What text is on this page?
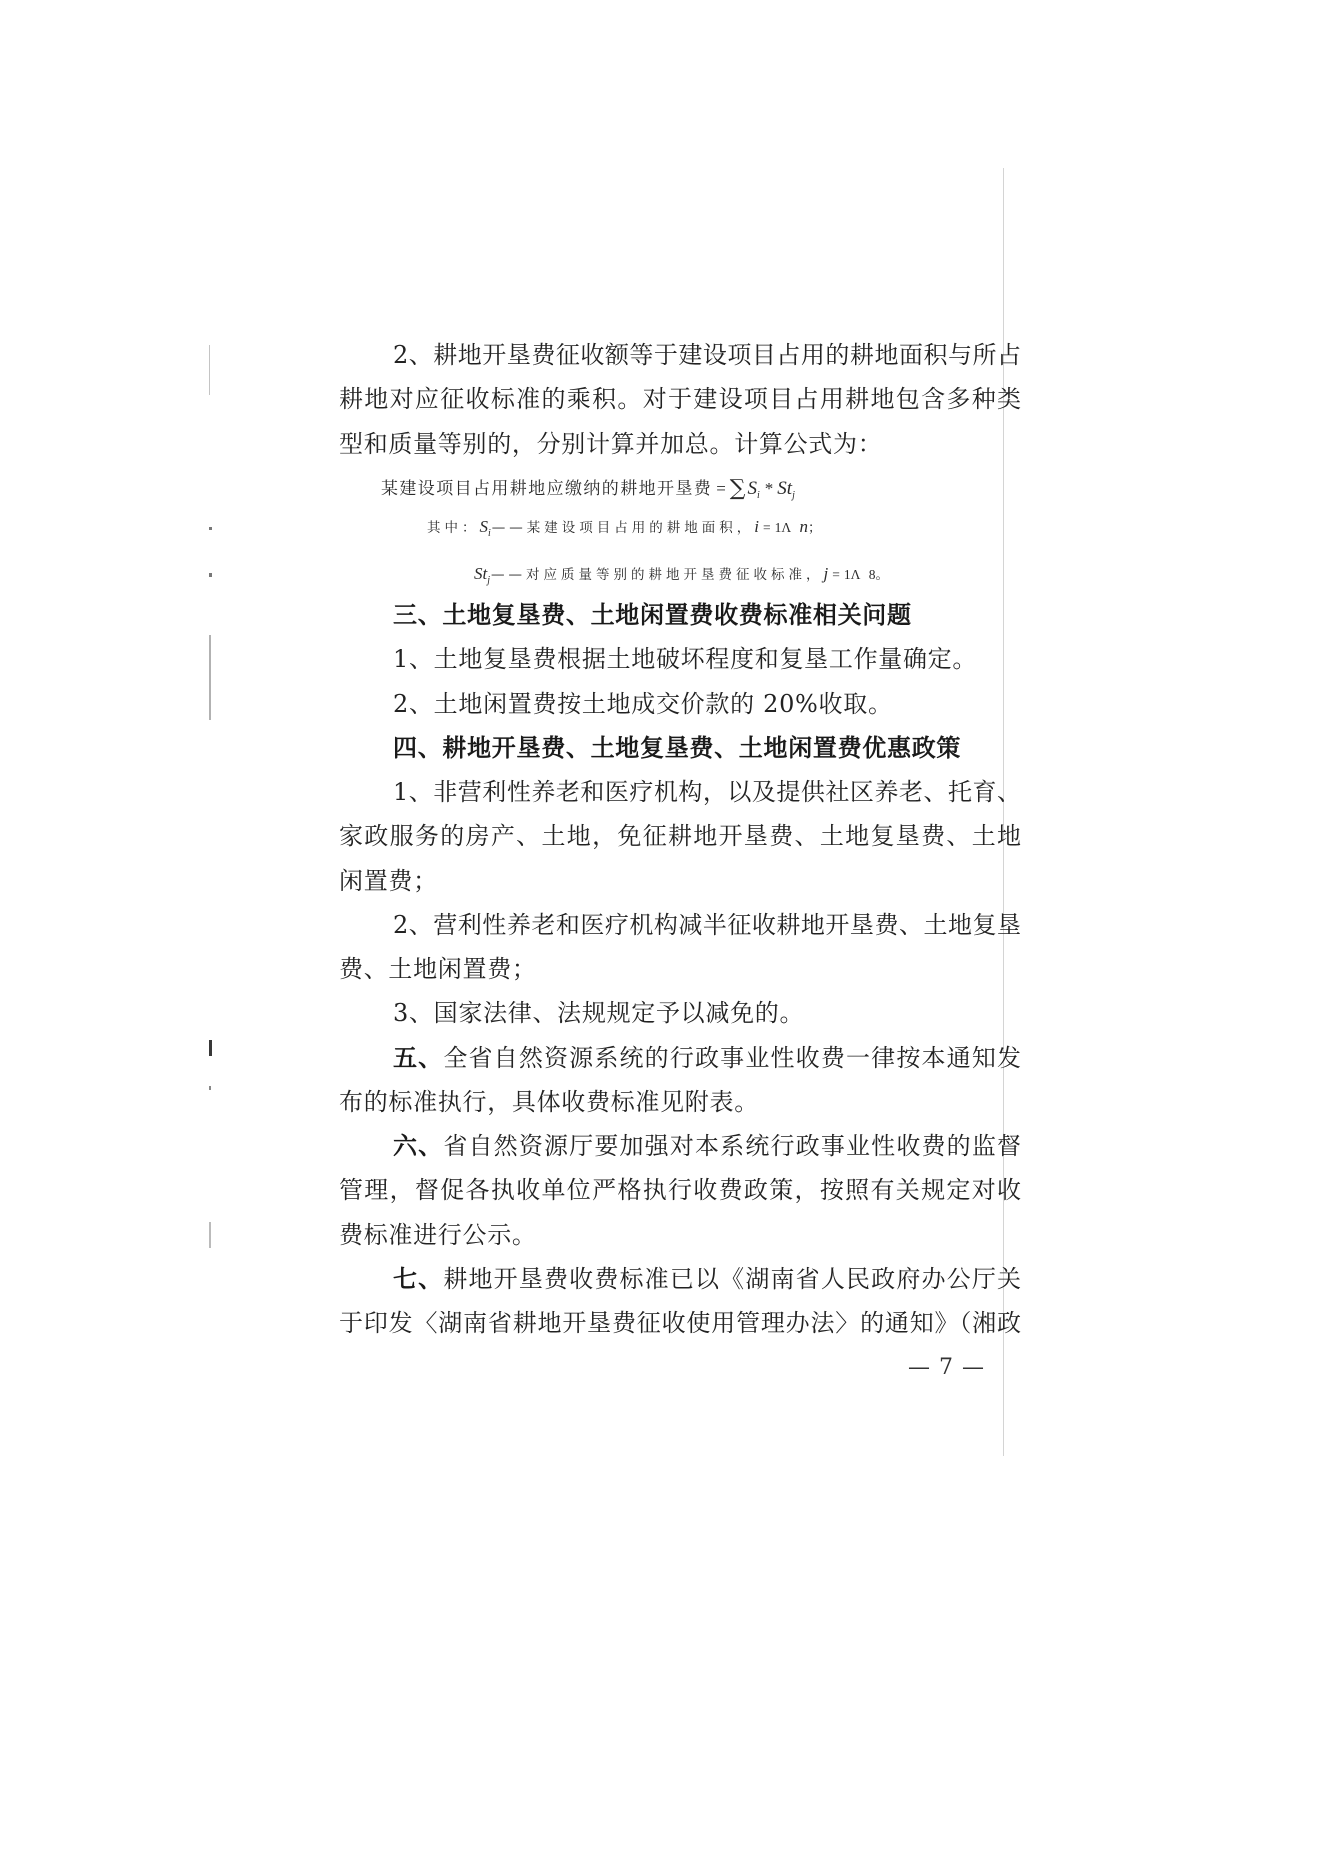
2、耕地开垦费征收额等于建设项目占用的耕地面积与所占
耕地对应征收标准的乘积。对于建设项目占用耕地包含多种类
型和质量等别的，分别计算并加总。计算公式为：
某建设项目占用耕地应缴纳的耕地开垦费 = ∑ $S_i * St_j$
其中：$S_i——$某建设项目占用的耕地面积，i = 1Λ n；
$St_j——$对应质量等别的耕地开垦费征收标准，j = 1Λ 8。
三、土地复垦费、土地闲置费收费标准相关问题
1、土地复垦费根据土地破坏程度和复垦工作量确定。
2、土地闲置费按土地成交价款的 20%收取。
四、耕地开垦费、土地复垦费、土地闲置费优惠政策
1、非营利性养老和医疗机构，以及提供社区养老、托育、
家政服务的房产、土地，免征耕地开垦费、土地复垦费、土地
闲置费；
2、营利性养老和医疗机构减半征收耕地开垦费、土地复垦
费、土地闲置费；
3、国家法律、法规规定予以减免的。
五、全省自然资源系统的行政事业性收费一律按本通知发
布的标准执行，具体收费标准见附表。
六、省自然资源厅要加强对本系统行政事业性收费的监督
管理，督促各执收单位严格执行收费政策，按照有关规定对收
费标准进行公示。
七、耕地开垦费收费标准已以《湖南省人民政府办公厅关
于印发〈湖南省耕地开垦费征收使用管理办法〉的通知》（湘政
— 7 —
